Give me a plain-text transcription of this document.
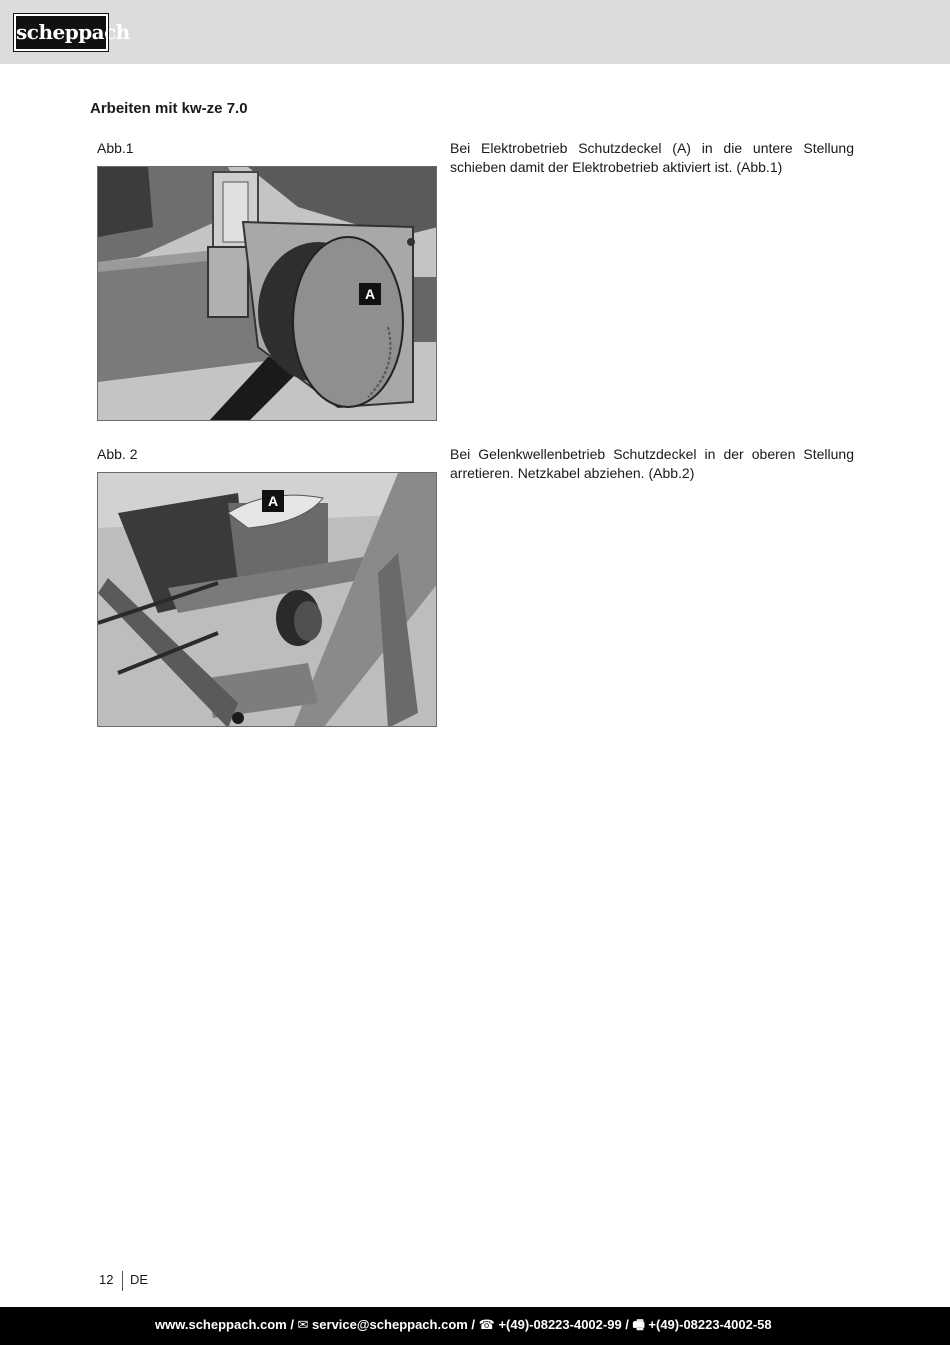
scheppach
Arbeiten mit kw-ze 7.0
Abb.1
A

Bei Elektrobetrieb Schutzdeckel (A) in die untere Stellung schieben damit der Elektrobetrieb aktiviert ist. (Abb.1)

Abb. 2
A

Bei Gelenkwellenbetrieb Schutzdeckel in der oberen Stellung arretieren. Netzkabel abziehen. (Abb.2)

12 DE
www.scheppach.com / ✉ service@scheppach.com / ☎ +(49)-08223-4002-99 / 🖷 +(49)-08223-4002-58
